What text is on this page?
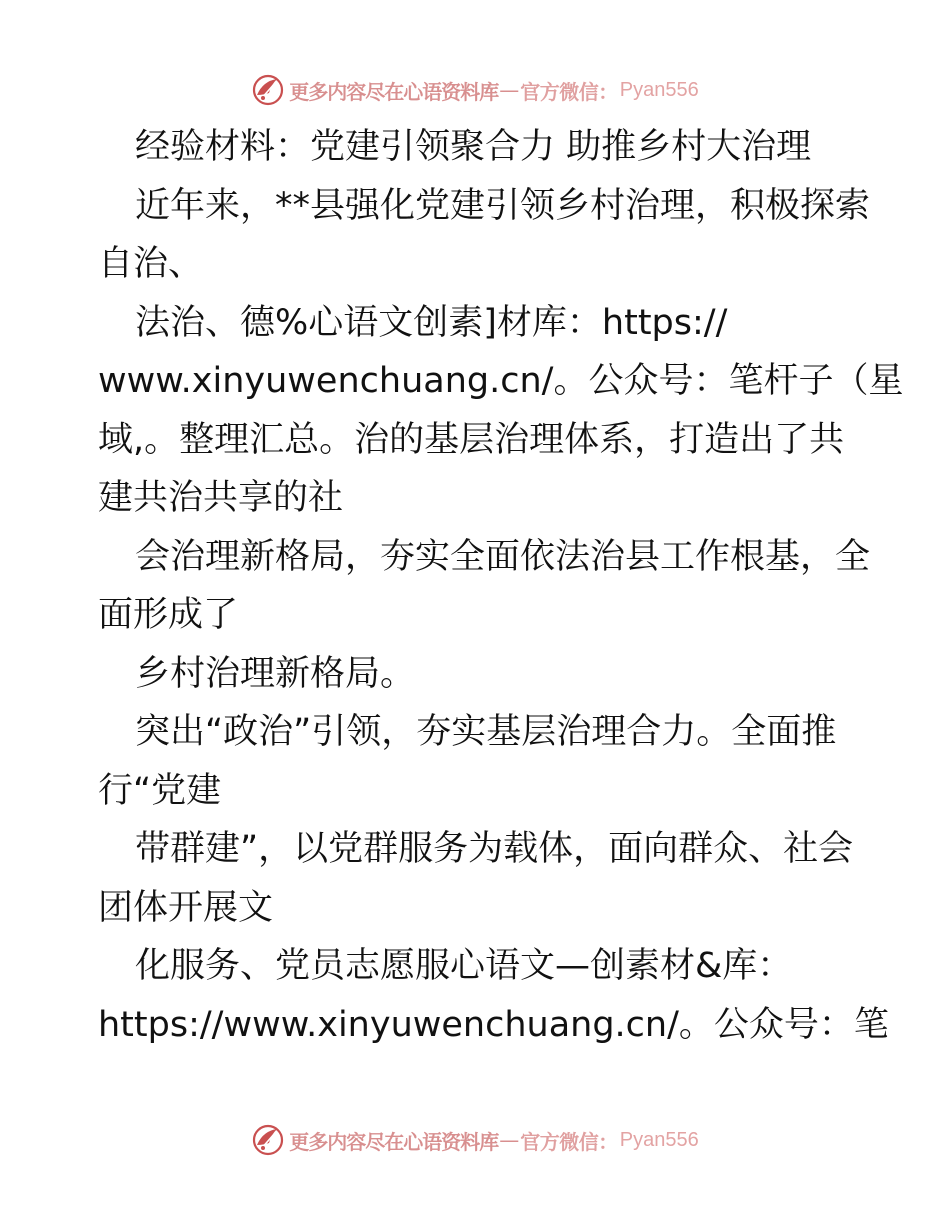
更多内容尽在心语资料库 — 官方微信： Pyan556
经验材料：党建引领聚合力 助推乡村大治理
近年来，**县强化党建引领乡村治理，积极探索
自治、
法治、德%心语文创素]材库：https://
www.xinyuwenchuang.cn/。公众号：笔杆子（星
域,。整理汇总。治的基层治理体系，打造出了共
建共治共享的社
会治理新格局，夯实全面依法治县工作根基，全
面形成了
乡村治理新格局。
突出“政治”引领，夯实基层治理合力。全面推
行“党建
带群建”，以党群服务为载体，面向群众、社会
团体开展文
化服务、党员志愿服心语文—创素材&库：
https://www.xinyuwenchuang.cn/。公众号：笔
更多内容尽在心语资料库 — 官方微信： Pyan556
